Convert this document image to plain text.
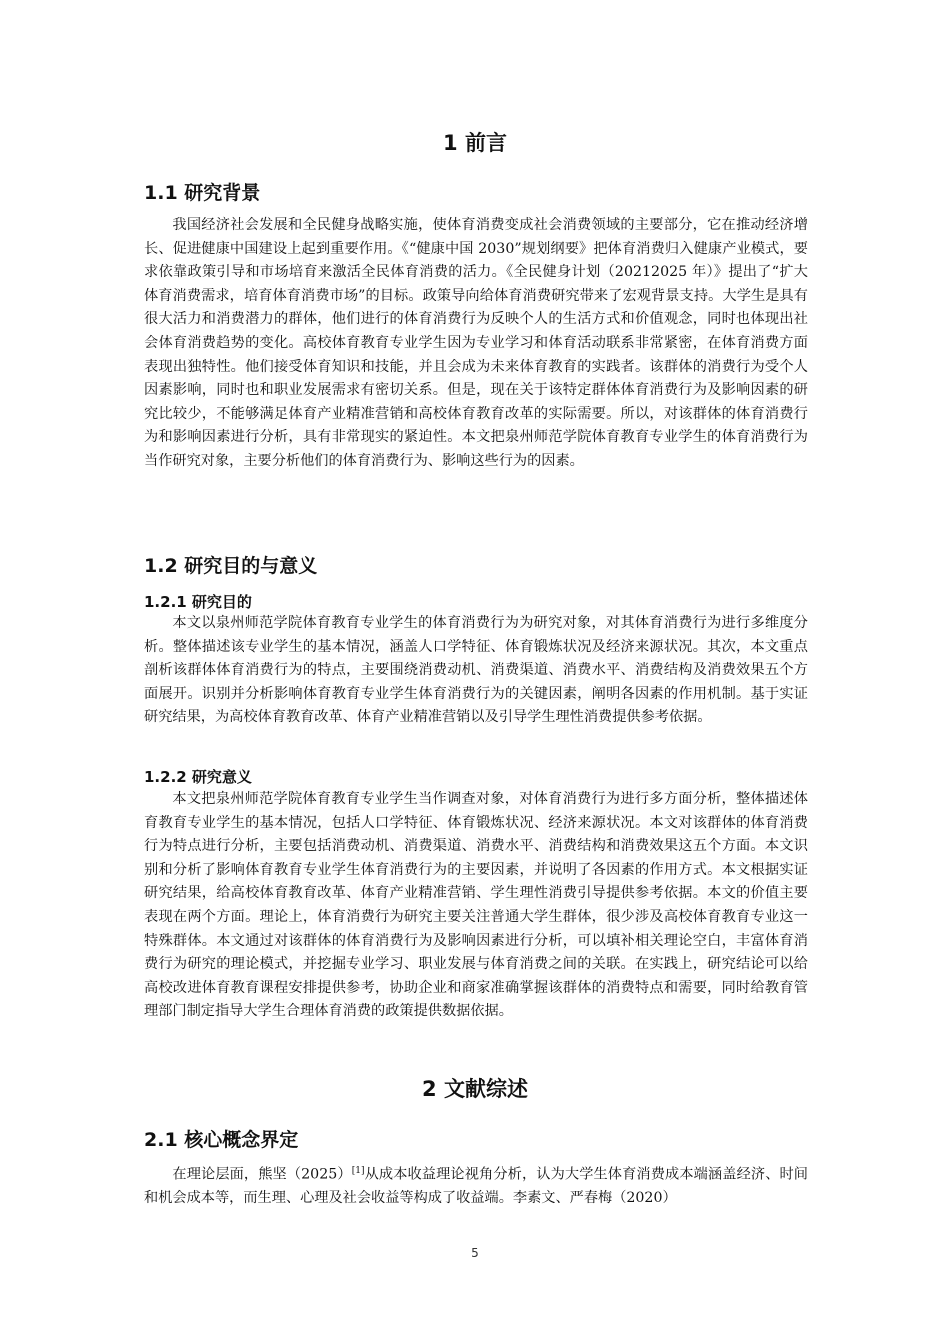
1 前言
1.1 研究背景

我国经济社会发展和全民健身战略实施，使体育消费变成社会消费领域的主要部分，它在推动经济增长、促进健康中国建设上起到重要作用。《“健康中国 2030”规划纲要》把体育消费归入健康产业模式，要求依靠政策引导和市场培育来激活全民体育消费的活力。《全民健身计划（20212025 年）》提出了“扩大体育消费需求，培育体育消费市场”的目标。政策导向给体育消费研究带来了宏观背景支持。大学生是具有很大活力和消费潜力的群体，他们进行的体育消费行为反映个人的生活方式和价值观念，同时也体现出社会体育消费趋势的变化。高校体育教育专业学生因为专业学习和体育活动联系非常紧密，在体育消费方面表现出独特性。他们接受体育知识和技能，并且会成为未来体育教育的实践者。该群体的消费行为受个人因素影响，同时也和职业发展需求有密切关系。但是，现在关于该特定群体体育消费行为及影响因素的研究比较少，不能够满足体育产业精准营销和高校体育教育改革的实际需要。所以，对该群体的体育消费行为和影响因素进行分析，具有非常现实的紧迫性。本文把泉州师范学院体育教育专业学生的体育消费行为当作研究对象，主要分析他们的体育消费行为、影响这些行为的因素。

1.2 研究目的与意义
1.2.1 研究目的

本文以泉州师范学院体育教育专业学生的体育消费行为为研究对象，对其体育消费行为进行多维度分析。整体描述该专业学生的基本情况，涵盖人口学特征、体育锻炼状况及经济来源状况。其次，本文重点剖析该群体体育消费行为的特点，主要围绕消费动机、消费渠道、消费水平、消费结构及消费效果五个方面展开。识别并分析影响体育教育专业学生体育消费行为的关键因素，阐明各因素的作用机制。基于实证研究结果，为高校体育教育改革、体育产业精准营销以及引导学生理性消费提供参考依据。

1.2.2 研究意义

本文把泉州师范学院体育教育专业学生当作调查对象，对体育消费行为进行多方面分析，整体描述体育教育专业学生的基本情况，包括人口学特征、体育锻炼状况、经济来源状况。本文对该群体的体育消费行为特点进行分析，主要包括消费动机、消费渠道、消费水平、消费结构和消费效果这五个方面。本文识别和分析了影响体育教育专业学生体育消费行为的主要因素，并说明了各因素的作用方式。本文根据实证研究结果，给高校体育教育改革、体育产业精准营销、学生理性消费引导提供参考依据。本文的价值主要表现在两个方面。理论上，体育消费行为研究主要关注普通大学生群体，很少涉及高校体育教育专业这一特殊群体。本文通过对该群体的体育消费行为及影响因素进行分析，可以填补相关理论空白，丰富体育消费行为研究的理论模式，并挖掘专业学习、职业发展与体育消费之间的关联。在实践上，研究结论可以给高校改进体育教育课程安排提供参考，协助企业和商家准确掌握该群体的消费特点和需要，同时给教育管理部门制定指导大学生合理体育消费的政策提供数据依据。

2 文献综述
2.1 核心概念界定

在理论层面，熊坚（2025）[1]从成本收益理论视角分析，认为大学生体育消费成本端涵盖经济、时间和机会成本等，而生理、心理及社会收益等构成了收益端。李素文、严春梅（2020）

5
